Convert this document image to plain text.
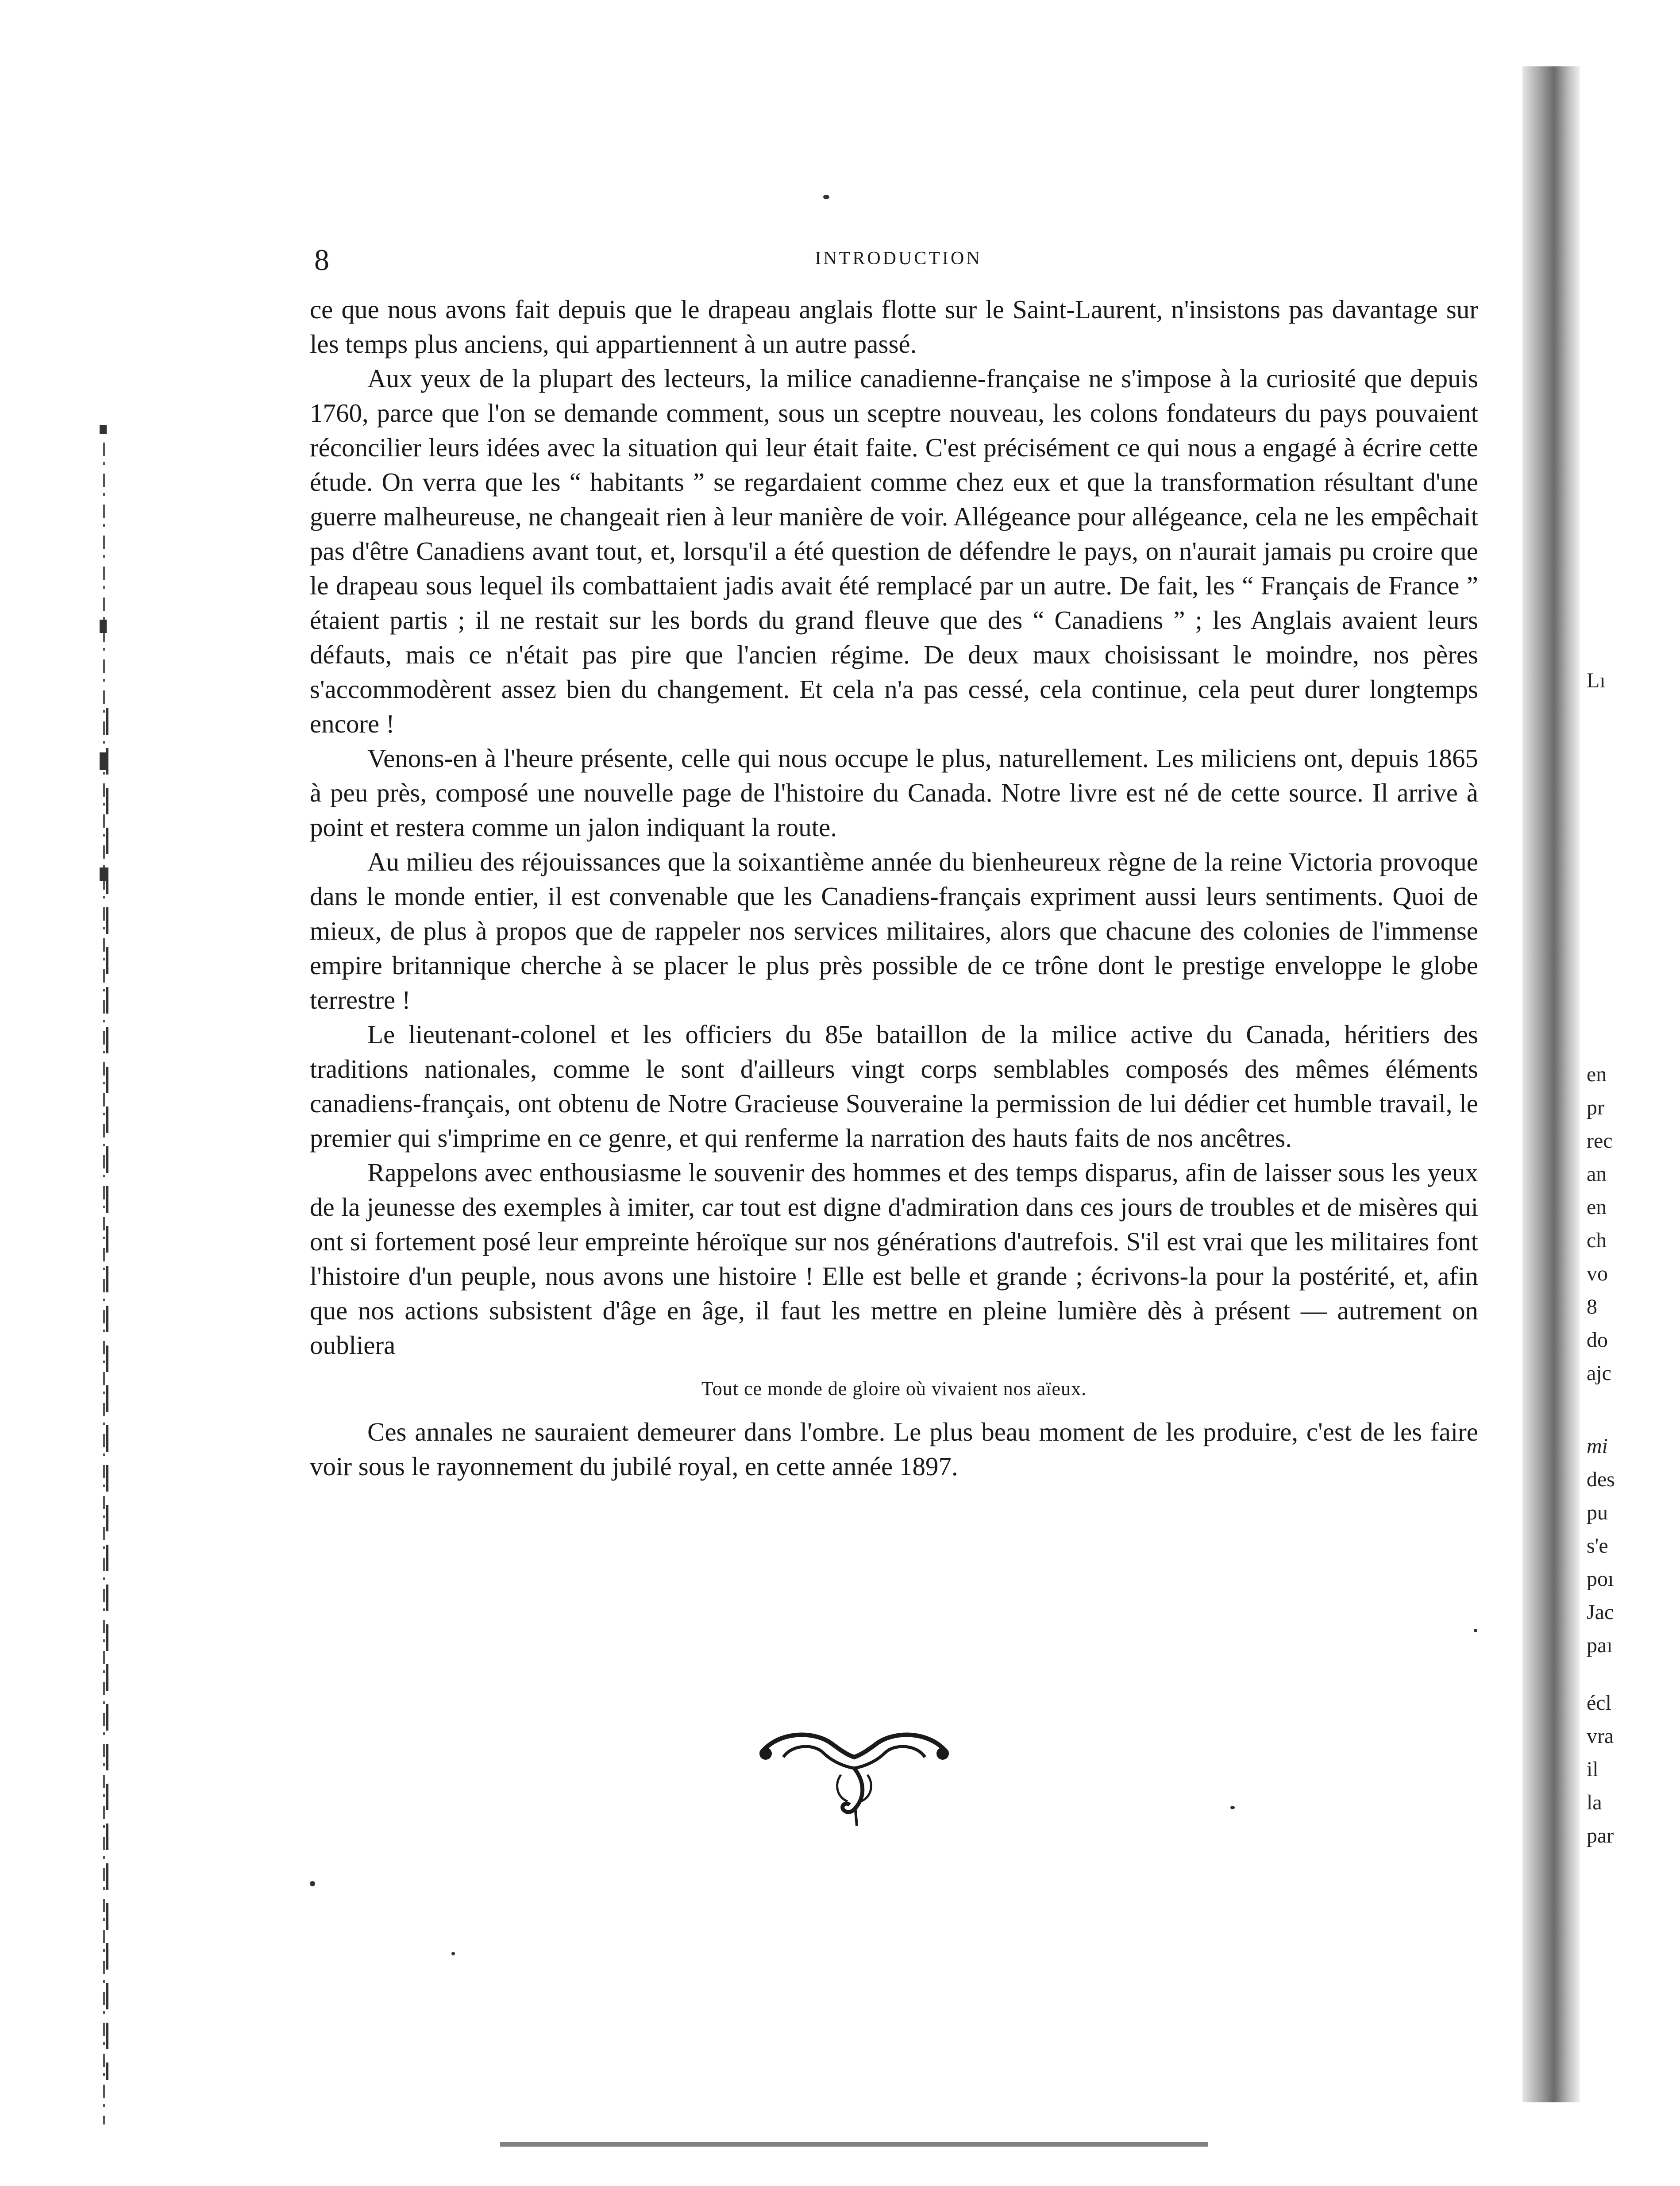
Lı
en
pr
rec
an
en
ch
vo
8
do
ajc
mi
des
pu
s'e
poı
Jac
paı
écl
vra
il
la
par
8	INTRODUCTION

ce que nous avons fait depuis que le drapeau anglais flotte sur le Saint-Laurent, n'insistons pas davantage sur les temps plus anciens, qui appartiennent à un autre passé.

Aux yeux de la plupart des lecteurs, la milice canadienne-française ne s'impose à la curiosité que depuis 1760, parce que l'on se demande comment, sous un sceptre nouveau, les colons fondateurs du pays pouvaient réconcilier leurs idées avec la situation qui leur était faite. C'est précisément ce qui nous a engagé à écrire cette étude. On verra que les “ habitants ” se regardaient comme chez eux et que la transformation résultant d'une guerre malheureuse, ne changeait rien à leur manière de voir. Allégeance pour allégeance, cela ne les empêchait pas d'être Canadiens avant tout, et, lorsqu'il a été question de défendre le pays, on n'aurait jamais pu croire que le drapeau sous lequel ils combattaient jadis avait été remplacé par un autre. De fait, les “ Français de France ” étaient partis ; il ne restait sur les bords du grand fleuve que des “ Canadiens ” ; les Anglais avaient leurs défauts, mais ce n'était pas pire que l'ancien régime. De deux maux choisissant le moindre, nos pères s'accommodèrent assez bien du changement. Et cela n'a pas cessé, cela continue, cela peut durer longtemps encore !

Venons-en à l'heure présente, celle qui nous occupe le plus, naturellement. Les miliciens ont, depuis 1865 à peu près, composé une nouvelle page de l'histoire du Canada. Notre livre est né de cette source. Il arrive à point et restera comme un jalon indiquant la route.

Au milieu des réjouissances que la soixantième année du bienheureux règne de la reine Victoria provoque dans le monde entier, il est convenable que les Canadiens-français expriment aussi leurs sentiments. Quoi de mieux, de plus à propos que de rappeler nos services militaires, alors que chacune des colonies de l'immense empire britannique cherche à se placer le plus près possible de ce trône dont le prestige enveloppe le globe terrestre !

Le lieutenant-colonel et les officiers du 85e bataillon de la milice active du Canada, héritiers des traditions nationales, comme le sont d'ailleurs vingt corps semblables composés des mêmes éléments canadiens-français, ont obtenu de Notre Gracieuse Souveraine la permission de lui dédier cet humble travail, le premier qui s'imprime en ce genre, et qui renferme la narration des hauts faits de nos ancêtres.

Rappelons avec enthousiasme le souvenir des hommes et des temps disparus, afin de laisser sous les yeux de la jeunesse des exemples à imiter, car tout est digne d'admiration dans ces jours de troubles et de misères qui ont si fortement posé leur empreinte héroïque sur nos générations d'autrefois. S'il est vrai que les militaires font l'histoire d'un peuple, nous avons une histoire ! Elle est belle et grande ; écrivons-la pour la postérité, et, afin que nos actions subsistent d'âge en âge, il faut les mettre en pleine lumière dès à présent — autrement on oubliera

Tout ce monde de gloire où vivaient nos aïeux.

Ces annales ne sauraient demeurer dans l'ombre. Le plus beau moment de les produire, c'est de les faire voir sous le rayonnement du jubilé royal, en cette année 1897.
